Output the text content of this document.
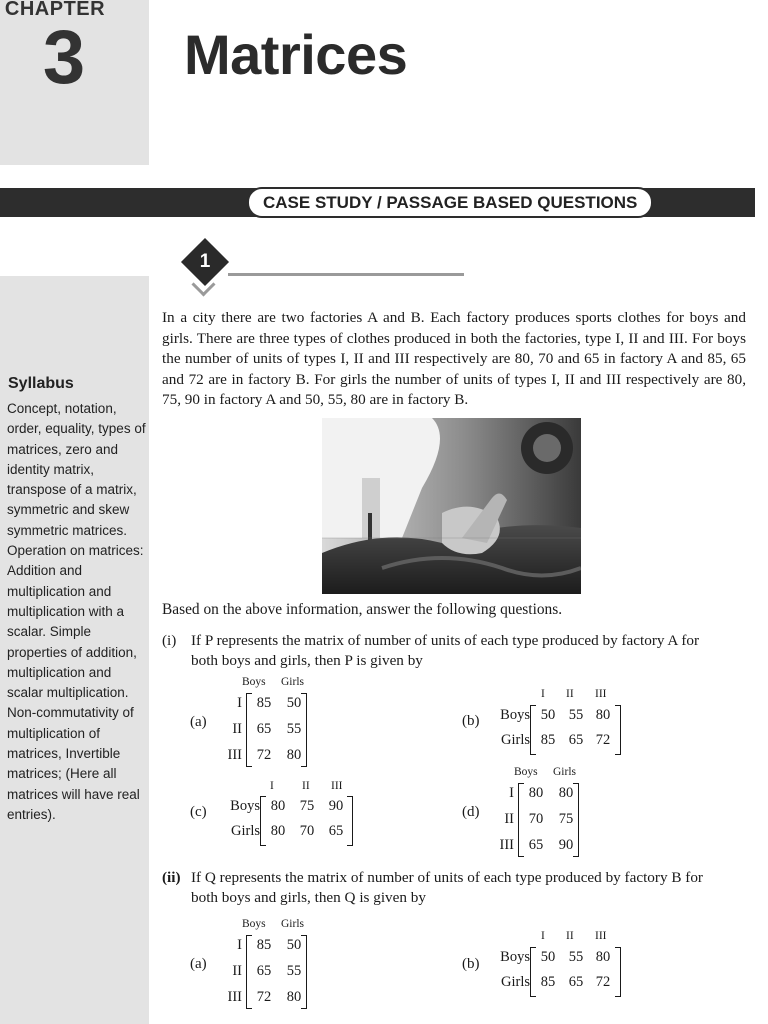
CHAPTER
3	Matrices
CASE STUDY / PASSAGE BASED QUESTIONS
Syllabus
Concept, notation, order, equality, types of matrices, zero and identity matrix, transpose of a matrix, symmetric and skew symmetric matrices. Operation on matrices: Addition and multiplication and multiplication with a scalar. Simple properties of addition, multiplication and scalar multiplication. Non-commutativity of multiplication of matrices, Invertible matrices; (Here all matrices will have real entries).
1
In a city there are two factories A and B. Each factory produces sports clothes for boys and girls. There are three types of clothes produced in both the factories, type I, II and III. For boys the number of units of types I, II and III respectively are 80, 70 and 65 in factory A and 85, 65 and 72 are in factory B. For girls the number of units of types I, II and III respectively are 80, 75, 90 in factory A and 50, 55, 80 are in factory B.
Based on the above information, answer the following questions.
(i) If P represents the matrix of number of units of each type produced by factory A for
both boys and girls, then P is given by
(a)
Boys Girls
I	85	50
II	65	55
III	72	80
(b)
I II III
Boys 50 55 80
Girls 85 65 72
(c)
I II III
Boys 80	75	90
Girls 80	70	65
(d)
Boys Girls
I	80	80
II	70	75
III	65	90
(ii) If Q represents the matrix of number of units of each type produced by factory B for
both boys and girls, then Q is given by
(a)
Boys Girls
I	85	50
II	65	55
III	72	80
(b)
I II III
Boys 50 55 80
Girls 85 65 72
